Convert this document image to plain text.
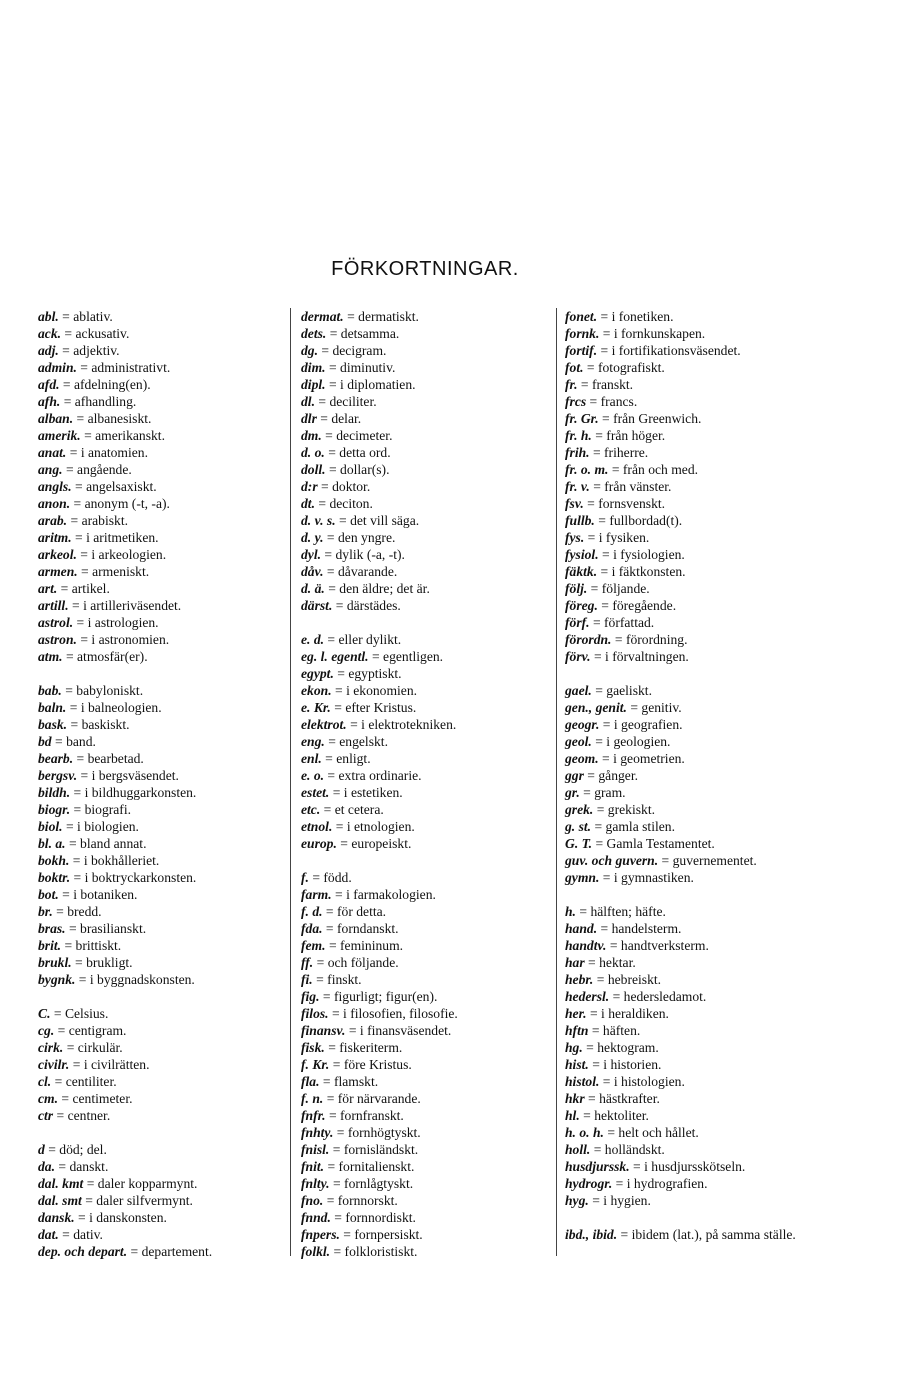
FÖRKORTNINGAR.
abl. = ablativ.
ack. = ackusativ.
adj. = adjektiv.
admin. = administrativt.
afd. = afdelning(en).
afh. = afhandling.
alban. = albanesiskt.
amerik. = amerikanskt.
anat. = i anatomien.
ang. = angående.
angls. = angelsaxiskt.
anon. = anonym (-t, -a).
arab. = arabiskt.
aritm. = i aritmetiken.
arkeol. = i arkeologien.
armen. = armeniskt.
art. = artikel.
artill. = i artilleriväsendet.
astrol. = i astrologien.
astron. = i astronomien.
atm. = atmosfär(er).
bab. = babyloniskt.
baln. = i balneologien.
bask. = baskiskt.
bd = band.
bearb. = bearbetad.
bergsv. = i bergsväsendet.
bildh. = i bildhuggarkonsten.
biogr. = biografi.
biol. = i biologien.
bl. a. = bland annat.
bokh. = i bokhålleriet.
boktr. = i boktryckarkonsten.
bot. = i botaniken.
br. = bredd.
bras. = brasilianskt.
brit. = brittiskt.
brukl. = brukligt.
bygnk. = i byggnadskonsten.
C. = Celsius.
cg. = centigram.
cirk. = cirkulär.
civilr. = i civilrätten.
cl. = centiliter.
cm. = centimeter.
ctr = centner.
d = död; del.
da. = danskt.
dal. kmt = daler kopparmynt.
dal. smt = daler silfvermynt.
dansk. = i danskonsten.
dat. = dativ.
dep. och depart. = departement.
dermat. = dermatiskt.
dets. = detsamma.
dg. = decigram.
dim. = diminutiv.
dipl. = i diplomatien.
dl. = deciliter.
dlr = delar.
dm. = decimeter.
d. o. = detta ord.
doll. = dollar(s).
d:r = doktor.
dt. = deciton.
d. v. s. = det vill säga.
d. y. = den yngre.
dyl. = dylik (-a, -t).
dåv. = dåvarande.
d. ä. = den äldre; det är.
därst. = därstädes.
e. d. = eller dylikt.
eg. l. egentl. = egentligen.
egypt. = egyptiskt.
ekon. = i ekonomien.
e. Kr. = efter Kristus.
elektrot. = i elektrotekniken.
eng. = engelskt.
enl. = enligt.
e. o. = extra ordinarie.
estet. = i estetiken.
etc. = et cetera.
etnol. = i etnologien.
europ. = europeiskt.
f. = född.
farm. = i farmakologien.
f. d. = för detta.
fda. = forndanskt.
fem. = femininum.
ff. = och följande.
fi. = finskt.
fig. = figurligt; figur(en).
filos. = i filosofien, filosofie.
finansv. = i finansväsendet.
fisk. = fiskeriterm.
f. Kr. = före Kristus.
fla. = flamskt.
f. n. = för närvarande.
fnfr. = fornfranskt.
fnhty. = fornhögtyskt.
fnisl. = fornisländskt.
fnit. = fornitalienskt.
fnlty. = fornlågtyskt.
fno. = fornnorskt.
fnnd. = fornnordiskt.
fnpers. = fornpersiskt.
folkl. = folkloristiskt.
fonet. = i fonetiken.
fornk. = i fornkunskapen.
fortif. = i fortifikationsväsendet.
fot. = fotografiskt.
fr. = franskt.
frcs = francs.
fr. Gr. = från Greenwich.
fr. h. = från höger.
frih. = friherre.
fr. o. m. = från och med.
fr. v. = från vänster.
fsv. = fornsvenskt.
fullb. = fullbordad(t).
fys. = i fysiken.
fysiol. = i fysiologien.
fäktk. = i fäktkonsten.
följ. = följande.
föreg. = föregående.
förf. = författad.
förordn. = förordning.
förv. = i förvaltningen.
gael. = gaeliskt.
gen., genit. = genitiv.
geogr. = i geografien.
geol. = i geologien.
geom. = i geometrien.
ggr = gånger.
gr. = gram.
grek. = grekiskt.
g. st. = gamla stilen.
G. T. = Gamla Testamentet.
guv. och guvern. = guvernementet.
gymn. = i gymnastiken.
h. = hälften; häfte.
hand. = handelsterm.
handtv. = handtverksterm.
har = hektar.
hebr. = hebreiskt.
hedersl. = hedersledamot.
her. = i heraldiken.
hftn = häften.
hg. = hektogram.
hist. = i historien.
histol. = i histologien.
hkr = hästkrafter.
hl. = hektoliter.
h. o. h. = helt och hållet.
holl. = holländskt.
husdjurssk. = i husdjursskötseln.
hydrogr. = i hydrografien.
hyg. = i hygien.
ibd., ibid. = ibidem (lat.), på samma ställe.
